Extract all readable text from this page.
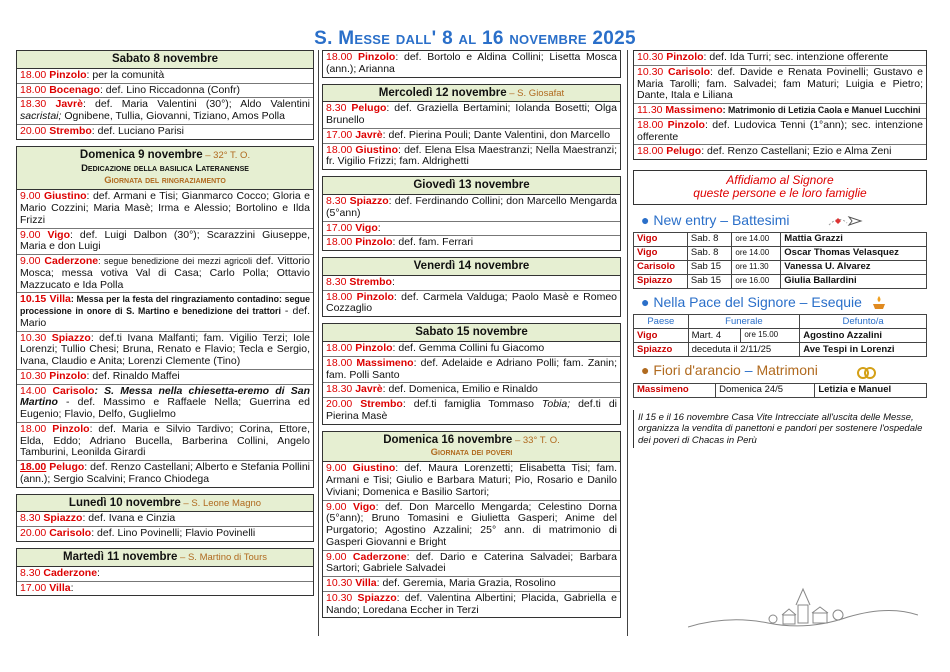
S. Messe dall' 8 al 16 novembre 2025
Sabato 8 novembre
18.00 Pinzolo: per la comunità
18.00 Bocenago: def. Lino Riccadonna (Confr)
18.30 Javrè: def. Maria Valentini (30°); Aldo Valentini sacristai; Ognibene, Tullia, Giovanni, Tiziano, Amos Polla
20.00 Strembo: def. Luciano Parisi
Domenica 9 novembre – 32° T. O.
Dedicazione della basilica Lateranense
Giornata del ringraziamento
9.00 Giustino: def. Armani e Tisi; Gianmarco Cocco; Gloria e Mario Cozzini; Maria Masè; Irma e Alessio; Bortolino e Ilda Frizzi
9.00 Vigo: def. Luigi Dalbon (30°); Scarazzini Giuseppe, Maria e don Luigi
9.00 Caderzone: segue benedizione dei mezzi agricoli def. Vittorio Mosca; messa votiva Val di Casa; Carlo Polla; Ottavio Mazzucato e Ida Polla
10.15 Villa: Messa per la festa del ringraziamento contadino: segue processione in onore di S. Martino e benedizione dei trattori - def. Mario
10.30 Spiazzo: def.ti Ivana Malfanti; fam. Vigilio Terzi; Iole Lorenzi; Tullio Chesi; Bruna, Renato e Flavio; Tecla e Sergio, Ivana, Claudio e Anita; Lorenzi Clemente (Tino)
10.30 Pinzolo: def. Rinaldo Maffei
14.00 Carisolo: S. Messa nella chiesetta-eremo di San Martino - def. Massimo e Raffaele Nella; Guerrina ed Eugenio; Flavio, Delfo, Guglielmo
18.00 Pinzolo: def. Maria e Silvio Tardivo; Corina, Ettore, Elda, Eddo; Adriano Bucella, Barberina Collini, Angelo Tamburini, Leonilda Girardi
18.00 Pelugo: def. Renzo Castellani; Alberto e Stefania Pollini (ann.); Sergio Scalvini; Franco Chiodega
Lunedì 10 novembre – S. Leone Magno
8.30 Spiazzo: def. Ivana e Cinzia
20.00 Carisolo: def. Lino Povinelli; Flavio Povinelli
Martedì 11 novembre – S. Martino di Tours
8.30 Caderzone:
17.00 Villa:
18.00 Pinzolo: def. Bortolo e Aldina Collini; Lisetta Mosca (ann.); Arianna
Mercoledì 12 novembre – S. Giosafat
8.30 Pelugo: def. Graziella Bertamini; Iolanda Bosetti; Olga Brunello
17.00 Javrè: def. Pierina Pouli; Dante Valentini, don Marcello
18.00 Giustino: def. Elena Elsa Maestranzi; Nella Maestranzi; fr. Vigilio Frizzi; fam. Aldrighetti
Giovedì 13 novembre
8.30 Spiazzo: def. Ferdinando Collini; don Marcello Mengarda (5°ann)
17.00 Vigo:
18.00 Pinzolo: def. fam. Ferrari
Venerdì 14 novembre
8.30 Strembo:
18.00 Pinzolo: def. Carmela Valduga; Paolo Masè e Romeo Cozzaglio
Sabato 15 novembre
18.00 Pinzolo: def. Gemma Collini fu Giacomo
18.00 Massimeno: def. Adelaide e Adriano Polli; fam. Zanin; fam. Polli Santo
18.30 Javrè: def. Domenica, Emilio e Rinaldo
20.00 Strembo: def.ti famiglia Tommaso Tobia; def.ti di Pierina Masè
Domenica 16 novembre – 33° T. O.
Giornata dei poveri
9.00 Giustino: def. Maura Lorenzetti; Elisabetta Tisi; fam. Armani e Tisi; Giulio e Barbara Maturi; Pio, Rosario e Danilo Viviani; Domenica e Basilio Sartori;
9.00 Vigo: def. Don Marcello Mengarda; Celestino Dorna (5°ann); Bruno Tomasini e Giulietta Gasperi; Anime del Purgatorio; Agostino Azzalini; 25° ann. di matrimonio di Gasperi Giovanni e Bright
9.00 Caderzone: def. Dario e Caterina Salvadei; Barbara Sartori; Gabriele Salvadei
10.30 Villa: def. Geremia, Maria Grazia, Rosolino
10.30 Spiazzo: def. Valentina Albertini; Placida, Gabriella e Nando; Loredana Eccher in Terzi
10.30 Pinzolo: def. Ida Turri; sec. intenzione offerente
10.30 Carisolo: def. Davide e Renata Povinelli; Gustavo e Maria Tarolli; fam. Salvadei; fam Maturi; Luigia e Pietro; Dante, Itala e Liliana
11.30 Massimeno: Matrimonio di Letizia Caola e Manuel Lucchini
18.00 Pinzolo: def. Ludovica Tenni (1°ann); sec. intenzione offerente
18.00 Pelugo: def. Renzo Castellani; Ezio e Alma Zeni
Affidiamo al Signore
queste persone e le loro famiglie
● New entry – Battesimi
Vigo	Sab. 8	ore 14.00	Mattia Grazzi
Vigo	Sab. 8	ore 14.00	Oscar Thomas Velasquez
Carisolo	Sab 15	ore 11.30	Vanessa U. Alvarez
Spiazzo	Sab 15	ore 16.00	Giulia Ballardini
● Nella Pace del Signore – Esequie
Paese	Funerale		Defunto/a
Vigo	Mart. 4	ore 15.00	Agostino Azzalini
Spiazzo	deceduta il 2/11/25		Ave Tespi in Lorenzi
● Fiori d'arancio – Matrimoni
Massimeno	Domenica 24/5	Letizia e Manuel
Il 15 e il 16 novembre Casa Vite Intrecciate all'uscita delle Messe, organizza la vendita di panettoni e pandori per sostenere l'ospedale dei poveri di Chacas in Perù
